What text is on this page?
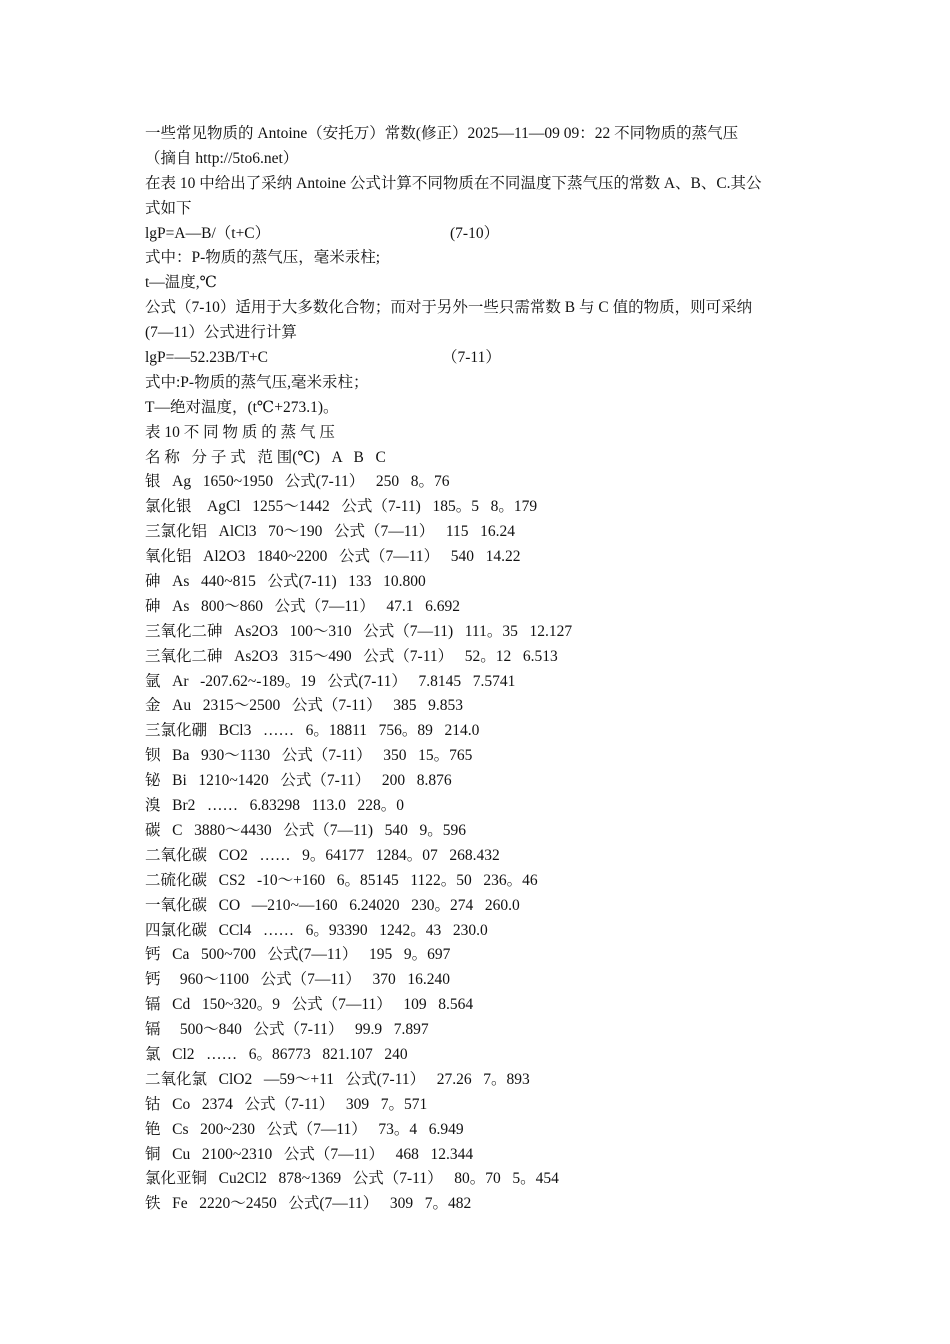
一些常见物质的 Antoine（安托万）常数(修正）2025—11—09 09：22 不同物质的蒸气压
（摘自 http://5to6.net）
在表 10 中给出了采纳 Antoine 公式计算不同物质在不同温度下蒸气压的常数 A、B、C.其公
式如下
lgP=A—B/（t+C）	(7-10）
式中：P-物质的蒸气压，毫米汞柱;
t—温度,℃
公式（7-10）适用于大多数化合物；而对于另外一些只需常数 B 与 C 值的物质，则可采纳
(7—11）公式进行计算
lgP=—52.23B/T+C	（7-11）
式中:P-物质的蒸气压,毫米汞柱；
T—绝对温度，(t℃+273.1)。
表 10 不 同 物 质 的 蒸 气 压
名 称   分 子 式   范 围(℃)   A   B   C
银   Ag   1650~1950   公式(7-11）   250   8。76
氯化银    AgCl   1255～1442   公式（7-11)   185。5   8。179
三氯化铝   AlCl3   70～190   公式（7—11）   115   16.24
氧化铝   Al2O3   1840~2200   公式（7—11）   540   14.22
砷   As   440~815   公式(7-11)   133   10.800
砷   As   800～860   公式（7—11）   47.1   6.692
三氧化二砷   As2O3   100～310   公式（7—11)   111。35   12.127
三氧化二砷   As2O3   315～490   公式（7-11）   52。12   6.513
氩   Ar   -207.62~-189。19   公式(7-11）   7.8145   7.5741
金   Au   2315～2500   公式（7-11）   385   9.853
三氯化硼   BCl3   ……   6。18811   756。89   214.0
钡   Ba   930～1130   公式（7-11）   350   15。765
铋   Bi   1210~1420   公式（7-11）   200   8.876
溴   Br2   ……   6.83298   113.0   228。0
碳   C   3880～4430   公式（7—11)   540   9。596
二氧化碳   CO2   ……   9。64177   1284。07   268.432
二硫化碳   CS2   -10～+160   6。85145   1122。50   236。46
一氧化碳   CO   —210~—160   6.24020   230。274   260.0
四氯化碳   CCl4   ……   6。93390   1242。43   230.0
钙   Ca   500~700   公式(7—11）   195   9。697
钙     960～1100   公式（7—11）   370   16.240
镉   Cd   150~320。9   公式（7—11）   109   8.564
镉     500～840   公式（7-11）   99.9   7.897
氯   Cl2   ……   6。86773   821.107   240
二氧化氯   ClO2   —59～+11   公式(7-11）   27.26   7。893
钴   Co   2374   公式（7-11）   309   7。571
铯   Cs   200~230   公式（7—11）   73。4   6.949
铜   Cu   2100~2310   公式（7—11）   468   12.344
氯化亚铜   Cu2Cl2   878~1369   公式（7-11）   80。70   5。454
铁   Fe   2220～2450   公式(7—11）   309   7。482
